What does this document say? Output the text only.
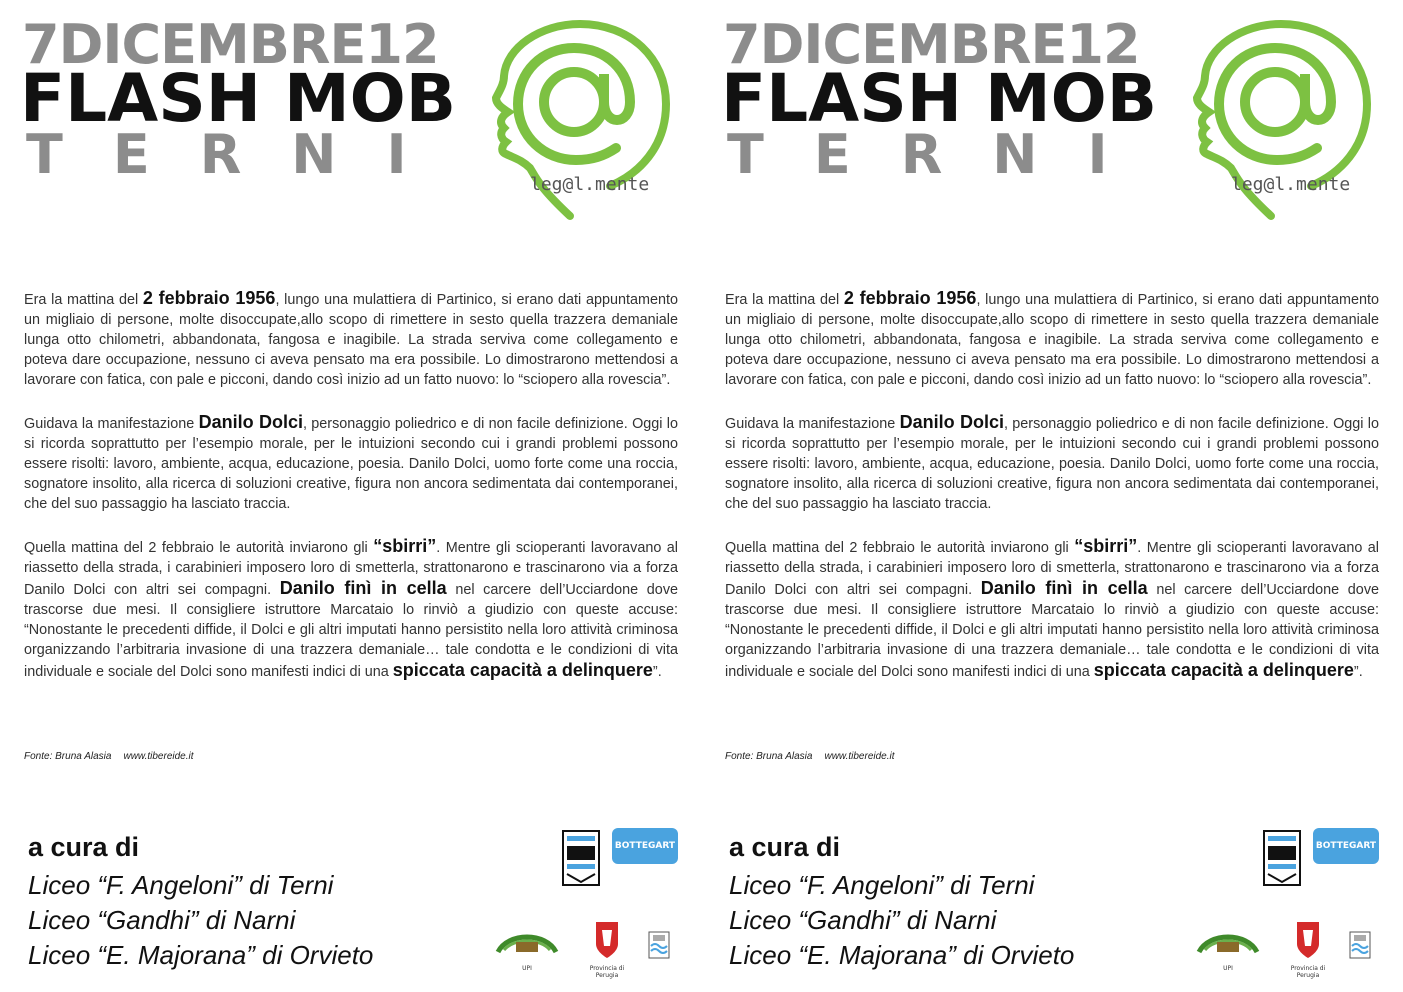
7DICEMBRE12
FLASH MOB
TERNI	leg@l.mente

Era la mattina del 2 febbraio 1956, lungo una mulattiera di Partinico, si erano dati appuntamento un migliaio di persone, molte disoccupate,allo scopo di rimettere in sesto quella trazzera demaniale lunga otto chilometri, abbandonata, fangosa e inagibile. La strada serviva come collegamento e poteva dare occupazione, nessuno ci aveva pensato ma era possibile. Lo dimostrarono mettendosi a lavorare con fatica, con pale e picconi, dando così inizio ad un fatto nuovo: lo “sciopero alla rovescia”.

Guidava la manifestazione Danilo Dolci, personaggio poliedrico e di non facile definizione. Oggi lo si ricorda soprattutto per l’esempio morale, per le intuizioni secondo cui i grandi problemi possono essere risolti: lavoro, ambiente, acqua, educazione, poesia. Danilo Dolci, uomo forte come una roccia, sognatore insolito, alla ricerca di soluzioni creative, figura non ancora sedimentata dai contemporanei, che del suo passaggio ha lasciato traccia.

Quella mattina del 2 febbraio le autorità inviarono gli “sbirri”. Mentre gli scioperanti lavoravano al riassetto della strada, i carabinieri imposero loro di smetterla, strattonarono e trascinarono via a forza Danilo Dolci con altri sei compagni. Danilo finì in cella nel carcere dell’Ucciardone dove trascorse due mesi. Il consigliere istruttore Marcataio lo rinviò a giudizio con queste accuse: “Nonostante le precedenti diffide, il Dolci e gli altri imputati hanno persistito nella loro attività criminosa organizzando l’arbitraria invasione di una trazzera demaniale… tale condotta e le condizioni di vita individuale e sociale del Dolci sono manifesti indici di una spiccata capacità a delinquere”.

Fonte: Bruna Alasia www.tibereide.it
a cura di
Liceo “F. Angeloni” di Terni
Liceo “Gandhi” di Narni
Liceo “E. Majorana” di Orvieto
BOTTEGART
UPI	Provincia di Perugia
7DICEMBRE12
FLASH MOB
TERNI	leg@l.mente

Era la mattina del 2 febbraio 1956, lungo una mulattiera di Partinico, si erano dati appuntamento un migliaio di persone, molte disoccupate,allo scopo di rimettere in sesto quella trazzera demaniale lunga otto chilometri, abbandonata, fangosa e inagibile. La strada serviva come collegamento e poteva dare occupazione, nessuno ci aveva pensato ma era possibile. Lo dimostrarono mettendosi a lavorare con fatica, con pale e picconi, dando così inizio ad un fatto nuovo: lo “sciopero alla rovescia”.

Guidava la manifestazione Danilo Dolci, personaggio poliedrico e di non facile definizione. Oggi lo si ricorda soprattutto per l’esempio morale, per le intuizioni secondo cui i grandi problemi possono essere risolti: lavoro, ambiente, acqua, educazione, poesia. Danilo Dolci, uomo forte come una roccia, sognatore insolito, alla ricerca di soluzioni creative, figura non ancora sedimentata dai contemporanei, che del suo passaggio ha lasciato traccia.

Quella mattina del 2 febbraio le autorità inviarono gli “sbirri”. Mentre gli scioperanti lavoravano al riassetto della strada, i carabinieri imposero loro di smetterla, strattonarono e trascinarono via a forza Danilo Dolci con altri sei compagni. Danilo finì in cella nel carcere dell’Ucciardone dove trascorse due mesi. Il consigliere istruttore Marcataio lo rinviò a giudizio con queste accuse: “Nonostante le precedenti diffide, il Dolci e gli altri imputati hanno persistito nella loro attività criminosa organizzando l’arbitraria invasione di una trazzera demaniale… tale condotta e le condizioni di vita individuale e sociale del Dolci sono manifesti indici di una spiccata capacità a delinquere”.

Fonte: Bruna Alasia www.tibereide.it
a cura di
Liceo “F. Angeloni” di Terni
Liceo “Gandhi” di Narni
Liceo “E. Majorana” di Orvieto
BOTTEGART
UPI	Provincia di Perugia
